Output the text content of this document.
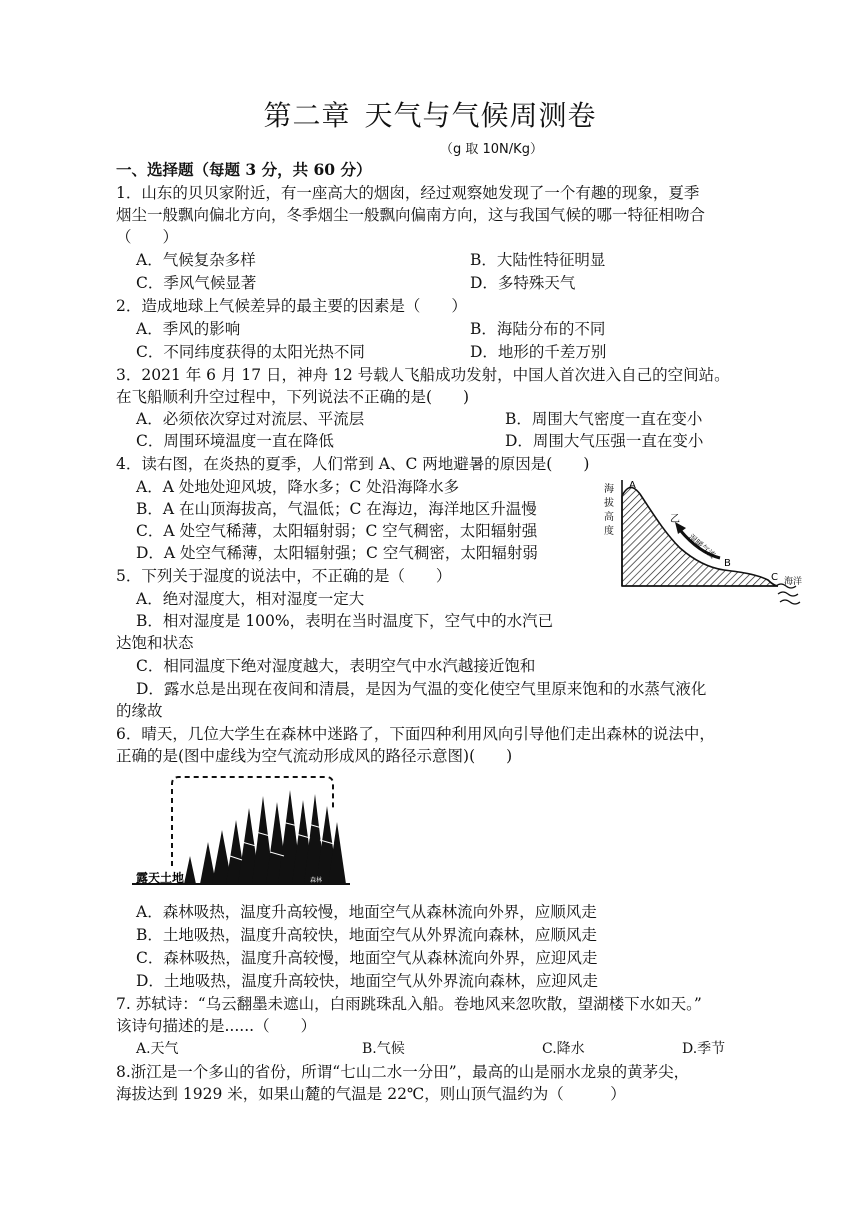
第二章 天气与气候周测卷
（g 取 10N/Kg）
一、选择题（每题 3 分，共 60 分）
1．山东的贝贝家附近，有一座高大的烟囱，经过观察她发现了一个有趣的现象，夏季
烟尘一般飘向偏北方向，冬季烟尘一般飘向偏南方向，这与我国气候的哪一特征相吻合
（　　）
A．气候复杂多样	B．大陆性特征明显
C．季风气候显著	D．多特殊天气
2．造成地球上气候差异的最主要的因素是（　　）
A．季风的影响	B．海陆分布的不同
C．不同纬度获得的太阳光热不同	D．地形的千差万别
3．2021 年 6 月 17 日，神舟 12 号载人飞船成功发射，中国人首次进入自己的空间站。
在飞船顺利升空过程中，下列说法不正确的是(　　)
A．必须依次穿过对流层、平流层	B．周围大气密度一直在变小
C．周围环境温度一直在降低	D．周围大气压强一直在变小
4．读右图，在炎热的夏季，人们常到 A、C 两地避暑的原因是(　　)
A．A 处地处迎风坡，降水多；C 处沿海降水多
B．A 在山顶海拔高，气温低；C 在海边，海洋地区升温慢
C．A 处空气稀薄，太阳辐射弱；C 空气稠密，太阳辐射强
D．A 处空气稀薄，太阳辐射强；C 空气稠密，太阳辐射弱
海
拔
高
度
A
B
C
乙
湿暖气流
海洋
5．下列关于湿度的说法中，不正确的是（　　）
A．绝对湿度大，相对湿度一定大
B．相对湿度是 100%，表明在当时温度下，空气中的水汽已
达饱和状态
C．相同温度下绝对湿度越大，表明空气中水汽越接近饱和
D．露水总是出现在夜间和清晨，是因为气温的变化使空气里原来饱和的水蒸气液化
的缘故
6．晴天，几位大学生在森林中迷路了，下面四种利用风向引导他们走出森林的说法中，
正确的是(图中虚线为空气流动形成风的路径示意图)(　　)
露天土地	森林
A．森林吸热，温度升高较慢，地面空气从森林流向外界，应顺风走
B．土地吸热，温度升高较快，地面空气从外界流向森林，应顺风走
C．森林吸热，温度升高较慢，地面空气从森林流向外界，应迎风走
D．土地吸热，温度升高较快，地面空气从外界流向森林，应迎风走
7. 苏轼诗：“乌云翻墨未遮山，白雨跳珠乱入船。卷地风来忽吹散，望湖楼下水如天。”
该诗句描述的是......（　　）
A.天气	B.气候	C.降水	D.季节
8.浙江是一个多山的省份，所谓“七山二水一分田”，最高的山是丽水龙泉的黄茅尖，
海拔达到 1929 米，如果山麓的气温是 22℃，则山顶气温约为（　　　）
